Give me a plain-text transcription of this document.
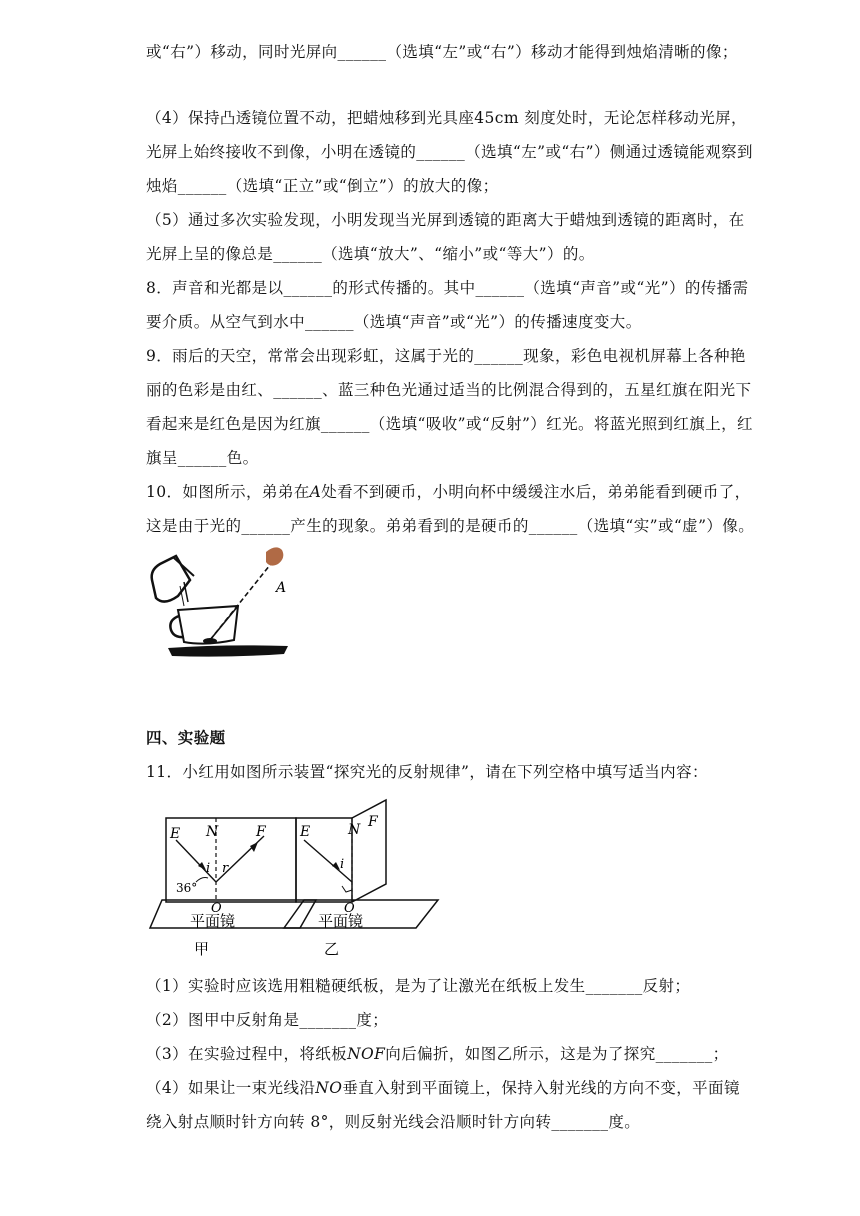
或“右”）移动，同时光屏向______（选填“左”或“右”）移动才能得到烛焰清晰的像；
（4）保持凸透镜位置不动，把蜡烛移到光具座45cm 刻度处时，无论怎样移动光屏，
光屏上始终接收不到像，小明在透镜的______（选填“左”或“右”）侧通过透镜能观察到
烛焰______（选填“正立”或“倒立”）的放大的像；
（5）通过多次实验发现，小明发现当光屏到透镜的距离大于蜡烛到透镜的距离时，在
光屏上呈的像总是______（选填“放大”、“缩小”或“等大”）的。
8．声音和光都是以______的形式传播的。其中______（选填“声音”或“光”）的传播需
要介质。从空气到水中______（选填“声音”或“光”）的传播速度变大。
9．雨后的天空，常常会出现彩虹，这属于光的______现象，彩色电视机屏幕上各种艳
丽的色彩是由红、______、蓝三种色光通过适当的比例混合得到的，五星红旗在阳光下
看起来是红色是因为红旗______（选填“吸收”或“反射”）红光。将蓝光照到红旗上，红
旗呈______色。
10．如图所示，弟弟在A处看不到硬币，小明向杯中缓缓注水后，弟弟能看到硬币了，
这是由于光的______产生的现象。弟弟看到的是硬币的______（选填“实”或“虚”）像。
A
四、实验题
11．小红用如图所示装置“探究光的反射规律”，请在下列空格中填写适当内容：
E N	F
i r
36°
O
平面镜
甲
E	N F
i
O
平面镜
乙
（1）实验时应该选用粗糙硬纸板，是为了让激光在纸板上发生_______反射；
（2）图甲中反射角是_______度；
（3）在实验过程中，将纸板NOF向后偏折，如图乙所示，这是为了探究_______；
（4）如果让一束光线沿NO垂直入射到平面镜上，保持入射光线的方向不变，平面镜
绕入射点顺时针方向转 8°，则反射光线会沿顺时针方向转_______度。
